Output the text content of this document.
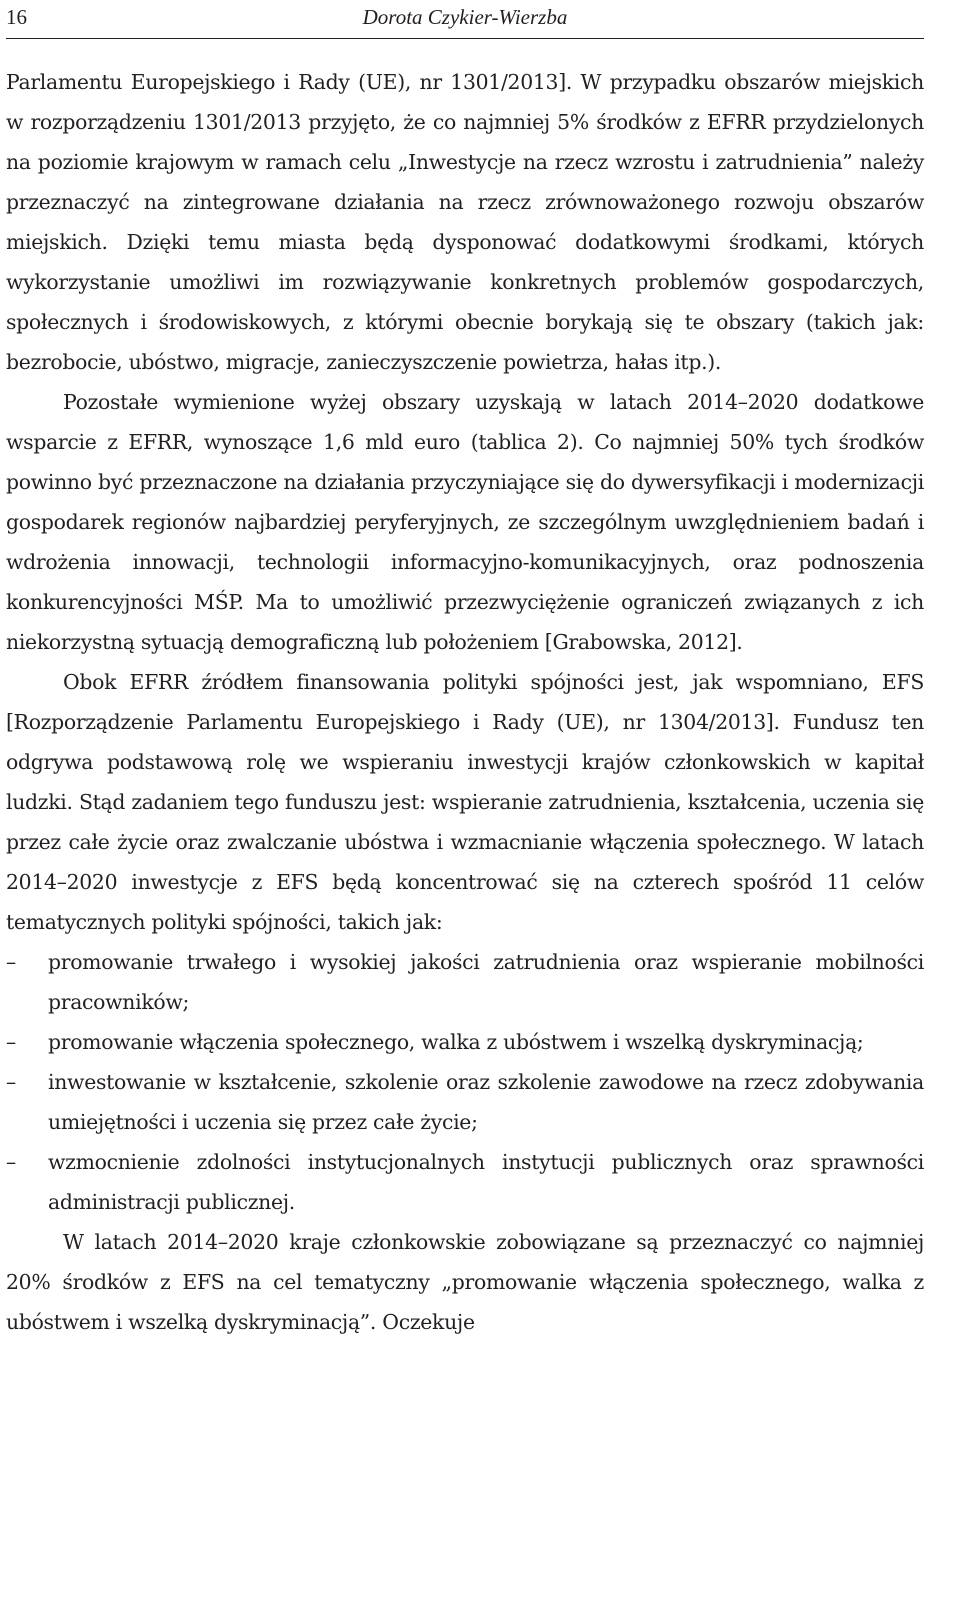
16	Dorota Czykier-Wierzba

Parlamentu Europejskiego i Rady (UE), nr 1301/2013]. W przypadku obszarów miejskich w rozporządzeniu 1301/2013 przyjęto, że co najmniej 5% środków z EFRR przydzielonych na poziomie krajowym w ramach celu „Inwestycje na rzecz wzrostu i zatrudnienia” należy przeznaczyć na zintegrowane działania na rzecz zrównoważonego rozwoju obszarów miejskich. Dzięki temu miasta będą dysponować dodatkowymi środkami, których wykorzystanie umożliwi im rozwiązywanie konkretnych problemów gospodarczych, społecznych i środowiskowych, z którymi obecnie borykają się te obszary (takich jak: bezrobocie, ubóstwo, migracje, zanieczyszczenie powietrza, hałas itp.).

Pozostałe wymienione wyżej obszary uzyskają w latach 2014–2020 dodatkowe wsparcie z EFRR, wynoszące 1,6 mld euro (tablica 2). Co najmniej 50% tych środków powinno być przeznaczone na działania przyczyniające się do dywersyfikacji i modernizacji gospodarek regionów najbardziej peryferyjnych, ze szczególnym uwzględnieniem badań i wdrożenia innowacji, technologii informacyjno-komunikacyjnych, oraz podnoszenia konkurencyjności MŚP. Ma to umożliwić przezwyciężenie ograniczeń związanych z ich niekorzystną sytuacją demograficzną lub położeniem [Grabowska, 2012].

Obok EFRR źródłem finansowania polityki spójności jest, jak wspomniano, EFS [Rozporządzenie Parlamentu Europejskiego i Rady (UE), nr 1304/2013]. Fundusz ten odgrywa podstawową rolę we wspieraniu inwestycji krajów członkowskich w kapitał ludzki. Stąd zadaniem tego funduszu jest: wspieranie zatrudnienia, kształcenia, uczenia się przez całe życie oraz zwalczanie ubóstwa i wzmacnianie włączenia społecznego. W latach 2014–2020 inwestycje z EFS będą koncentrować się na czterech spośród 11 celów tematycznych polityki spójności, takich jak:

– promowanie trwałego i wysokiej jakości zatrudnienia oraz wspieranie mobilności pracowników;
– promowanie włączenia społecznego, walka z ubóstwem i wszelką dyskryminacją;
– inwestowanie w kształcenie, szkolenie oraz szkolenie zawodowe na rzecz zdobywania umiejętności i uczenia się przez całe życie;
– wzmocnienie zdolności instytucjonalnych instytucji publicznych oraz sprawności administracji publicznej.

W latach 2014–2020 kraje członkowskie zobowiązane są przeznaczyć co najmniej 20% środków z EFS na cel tematyczny „promowanie włączenia społecznego, walka z ubóstwem i wszelką dyskryminacją”. Oczekuje
